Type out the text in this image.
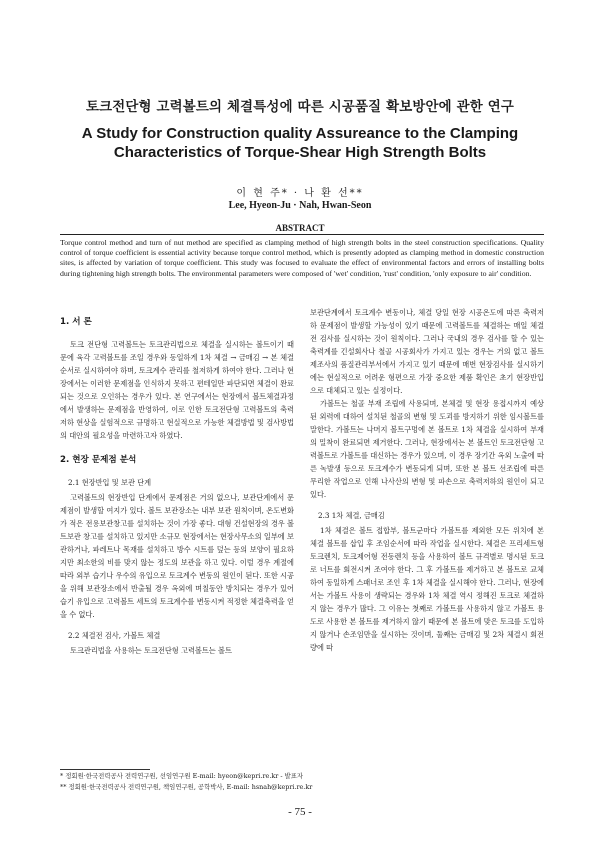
토크전단형 고력볼트의 체결특성에 따른 시공품질 확보방안에 관한 연구
A Study for Construction quality Assureance to the Clamping
Characteristics of Torque-Shear High Strength Bolts
이 현 주* · 나 환 선**
Lee, Hyeon-Ju · Nah, Hwan-Seon
ABSTRACT
Torque control method and turn of nut method are specified as clamping method of high strength bolts in the steel construction specifications. Quality control of torque coefficient is essential activity because torque control method, which is presently adopted as clamping method in domestic construction sites, is affected by variation of torque coefficient. This study was focused to evaluate the effect of environmental factors and errors of installing bolts during tightening high strength bolts. The environmental parameters were composed of 'wet' condition, 'rust' condition, 'only exposure to air' condition.
1. 서 론

토크 전단형 고력볼트는 토크관리법으로 체결을 실시하는 볼트이기 때문에 육각 고력볼트를 조일 경우와 동일하게 1차 체결 → 금매김 → 본 체결 순서로 실시하여야 하며, 토크계수 관리를 철저하게 하여야 한다. 그러나 현장에서는 이러한 문제점을 인식하지 못하고 편테일만 파단되면 체결이 완료되는 것으로 오인하는 경우가 있다. 본 연구에서는 현장에서 볼트체결과정에서 발생하는 문제점을 반영하여, 이로 인한 토크전단형 고력볼트의 축력저하 현상을 실험적으로 규명하고 현실적으로 가능한 체결방법 및 검사방법의 대안의 필요성을 마련하고자 하였다.

2. 현장 문제점 분석
2.1 현장반입 및 보관 단계

고력볼트의 현장반입 단계에서 문제점은 거의 없으나, 보관단계에서 문제점이 발생할 여지가 있다. 볼트 보관장소는 내부 보관 원칙이며, 온도변화가 적은 전용보관창고를 설치하는 것이 가장 좋다. 대형 건설현장의 경우 볼트보관 창고를 설치하고 있지만 소규모 현장에서는 현장사무소의 일부에 보관하거나, 파레트나 목재를 설치하고 방수 시트를 덮는 등의 보양이 필요하지만 최소한의 비를 맞지 않는 정도의 보관을 하고 있다. 이럴 경우 계절에 따라 외부 습기나 우수의 유입으로 토크계수 변동의 원인이 된다. 또한 시공을 위해 보관장소에서 반출될 경우 옥외에 며칠동안 방치되는 경우가 있어 습기 유입으로 고력볼트 세트의 토크계수를 변동시켜 적정한 체결축력을 얻을 수 없다.

2.2 체결전 검사, 가볼트 체결

토크관리법을 사용하는 토크전단형 고력볼트는 볼트

보관단계에서 토크계수 변동이나, 체결 당일 현장 시공온도에 따른 축력저하 문제점이 발생할 가능성이 있기 때문에 고력볼트를 체결하는 매일 체결 전 검사를 실시하는 것이 원칙이다. 그러나 국내의 경우 검사를 할 수 있는 축력계를 긴설회사나 철골 시공회사가 가지고 있는 경우는 거의 없고 볼트제조사의 품질관리부서에서 가지고 있기 때문에 매번 현장검사를 실시하기에는 현실적으로 어려운 형편으로 가장 중요한 제품 확인은 초기 현장반입으로 대체되고 있는 실정이다.

가볼트는 철골 부재 조립에 사용되며, 본체결 및 현장 용접시까지 예상된 외력에 대하여 설치된 철골의 변형 및 도괴를 방지하기 위한 임시볼트를 말한다. 가볼트는 나머지 볼트구멍에 본 볼트로 1차 체결을 실시하여 부재의 밀착이 완료되면 제거한다. 그러나, 현장에서는 본 볼트인 토크전단형 고력볼트로 가볼트를 대신하는 경우가 있으며, 이 경우 장기간 옥외 노출에 따른 녹발생 등으로 토크계수가 변동되게 되며, 또한 본 볼트 선조립에 따른 무리한 작업으로 인해 나사산의 변형 및 파손으로 축력저하의 원인이 되고 있다.

2.3 1차 체결, 금매김

1차 체결은 볼트 접합부, 볼트군마다 가볼트를 제외한 모든 위치에 본 체결 볼트를 삽입 후 조임순서에 따라 작업을 실시한다. 체결은 프리세트형 토크렌치, 토크제어형 전동렌치 등을 사용하여 볼트 규격별로 명시된 토크로 너트를 회전시켜 조여야 한다. 그 후 가볼트를 제거하고 본 볼트로 교체하여 동일하게 스패너로 조인 후 1차 체결을 실시해야 한다. 그러나, 현장에서는 가볼트 사용이 생략되는 경우와 1차 체결 역시 정해진 토크로 체결하지 않는 경우가 많다. 그 이유는 첫째로 가볼트를 사용하지 않고 가볼트 용도로 사용한 본 볼트를 제거하지 않기 때문에 본 볼트에 맞은 토크를 도입하지 않거나 손조임만을 실시하는 것이며, 둘째는 금매김 및 2차 체결시 회전량에 따

* 정회원·한국전력공사 전력연구원, 선임연구원 E-mail: hyeon@kepri.re.kr - 발표자
** 정회원·한국전력공사 전력연구원, 책임연구원, 공학박사, E-mail: hsnah@kepri.re.kr
- 75 -
